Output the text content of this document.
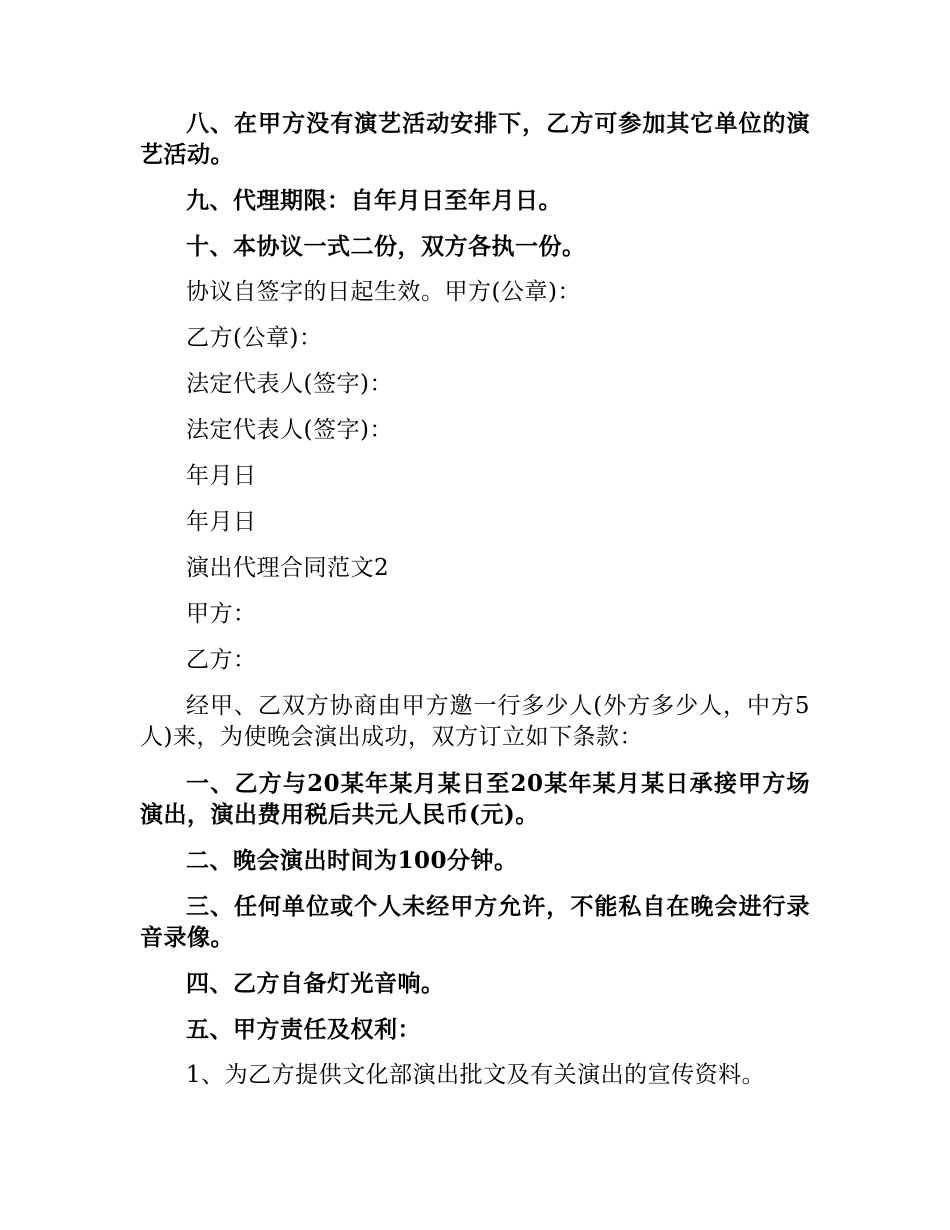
八、在甲方没有演艺活动安排下，乙方可参加其它单位的演艺活动。

九、代理期限：自年月日至年月日。

十、本协议一式二份，双方各执一份。

协议自签字的日起生效。甲方(公章)：

乙方(公章)：

法定代表人(签字)：

法定代表人(签字)：

年月日

年月日

演出代理合同范文2

甲方：

乙方：

经甲、乙双方协商由甲方邀一行多少人(外方多少人，中方5人)来，为使晚会演出成功，双方订立如下条款：

一、乙方与20某年某月某日至20某年某月某日承接甲方场演出，演出费用税后共元人民币(元)。

二、晚会演出时间为100分钟。

三、任何单位或个人未经甲方允许，不能私自在晚会进行录音录像。

四、乙方自备灯光音响。

五、甲方责任及权利：

1、为乙方提供文化部演出批文及有关演出的宣传资料。
